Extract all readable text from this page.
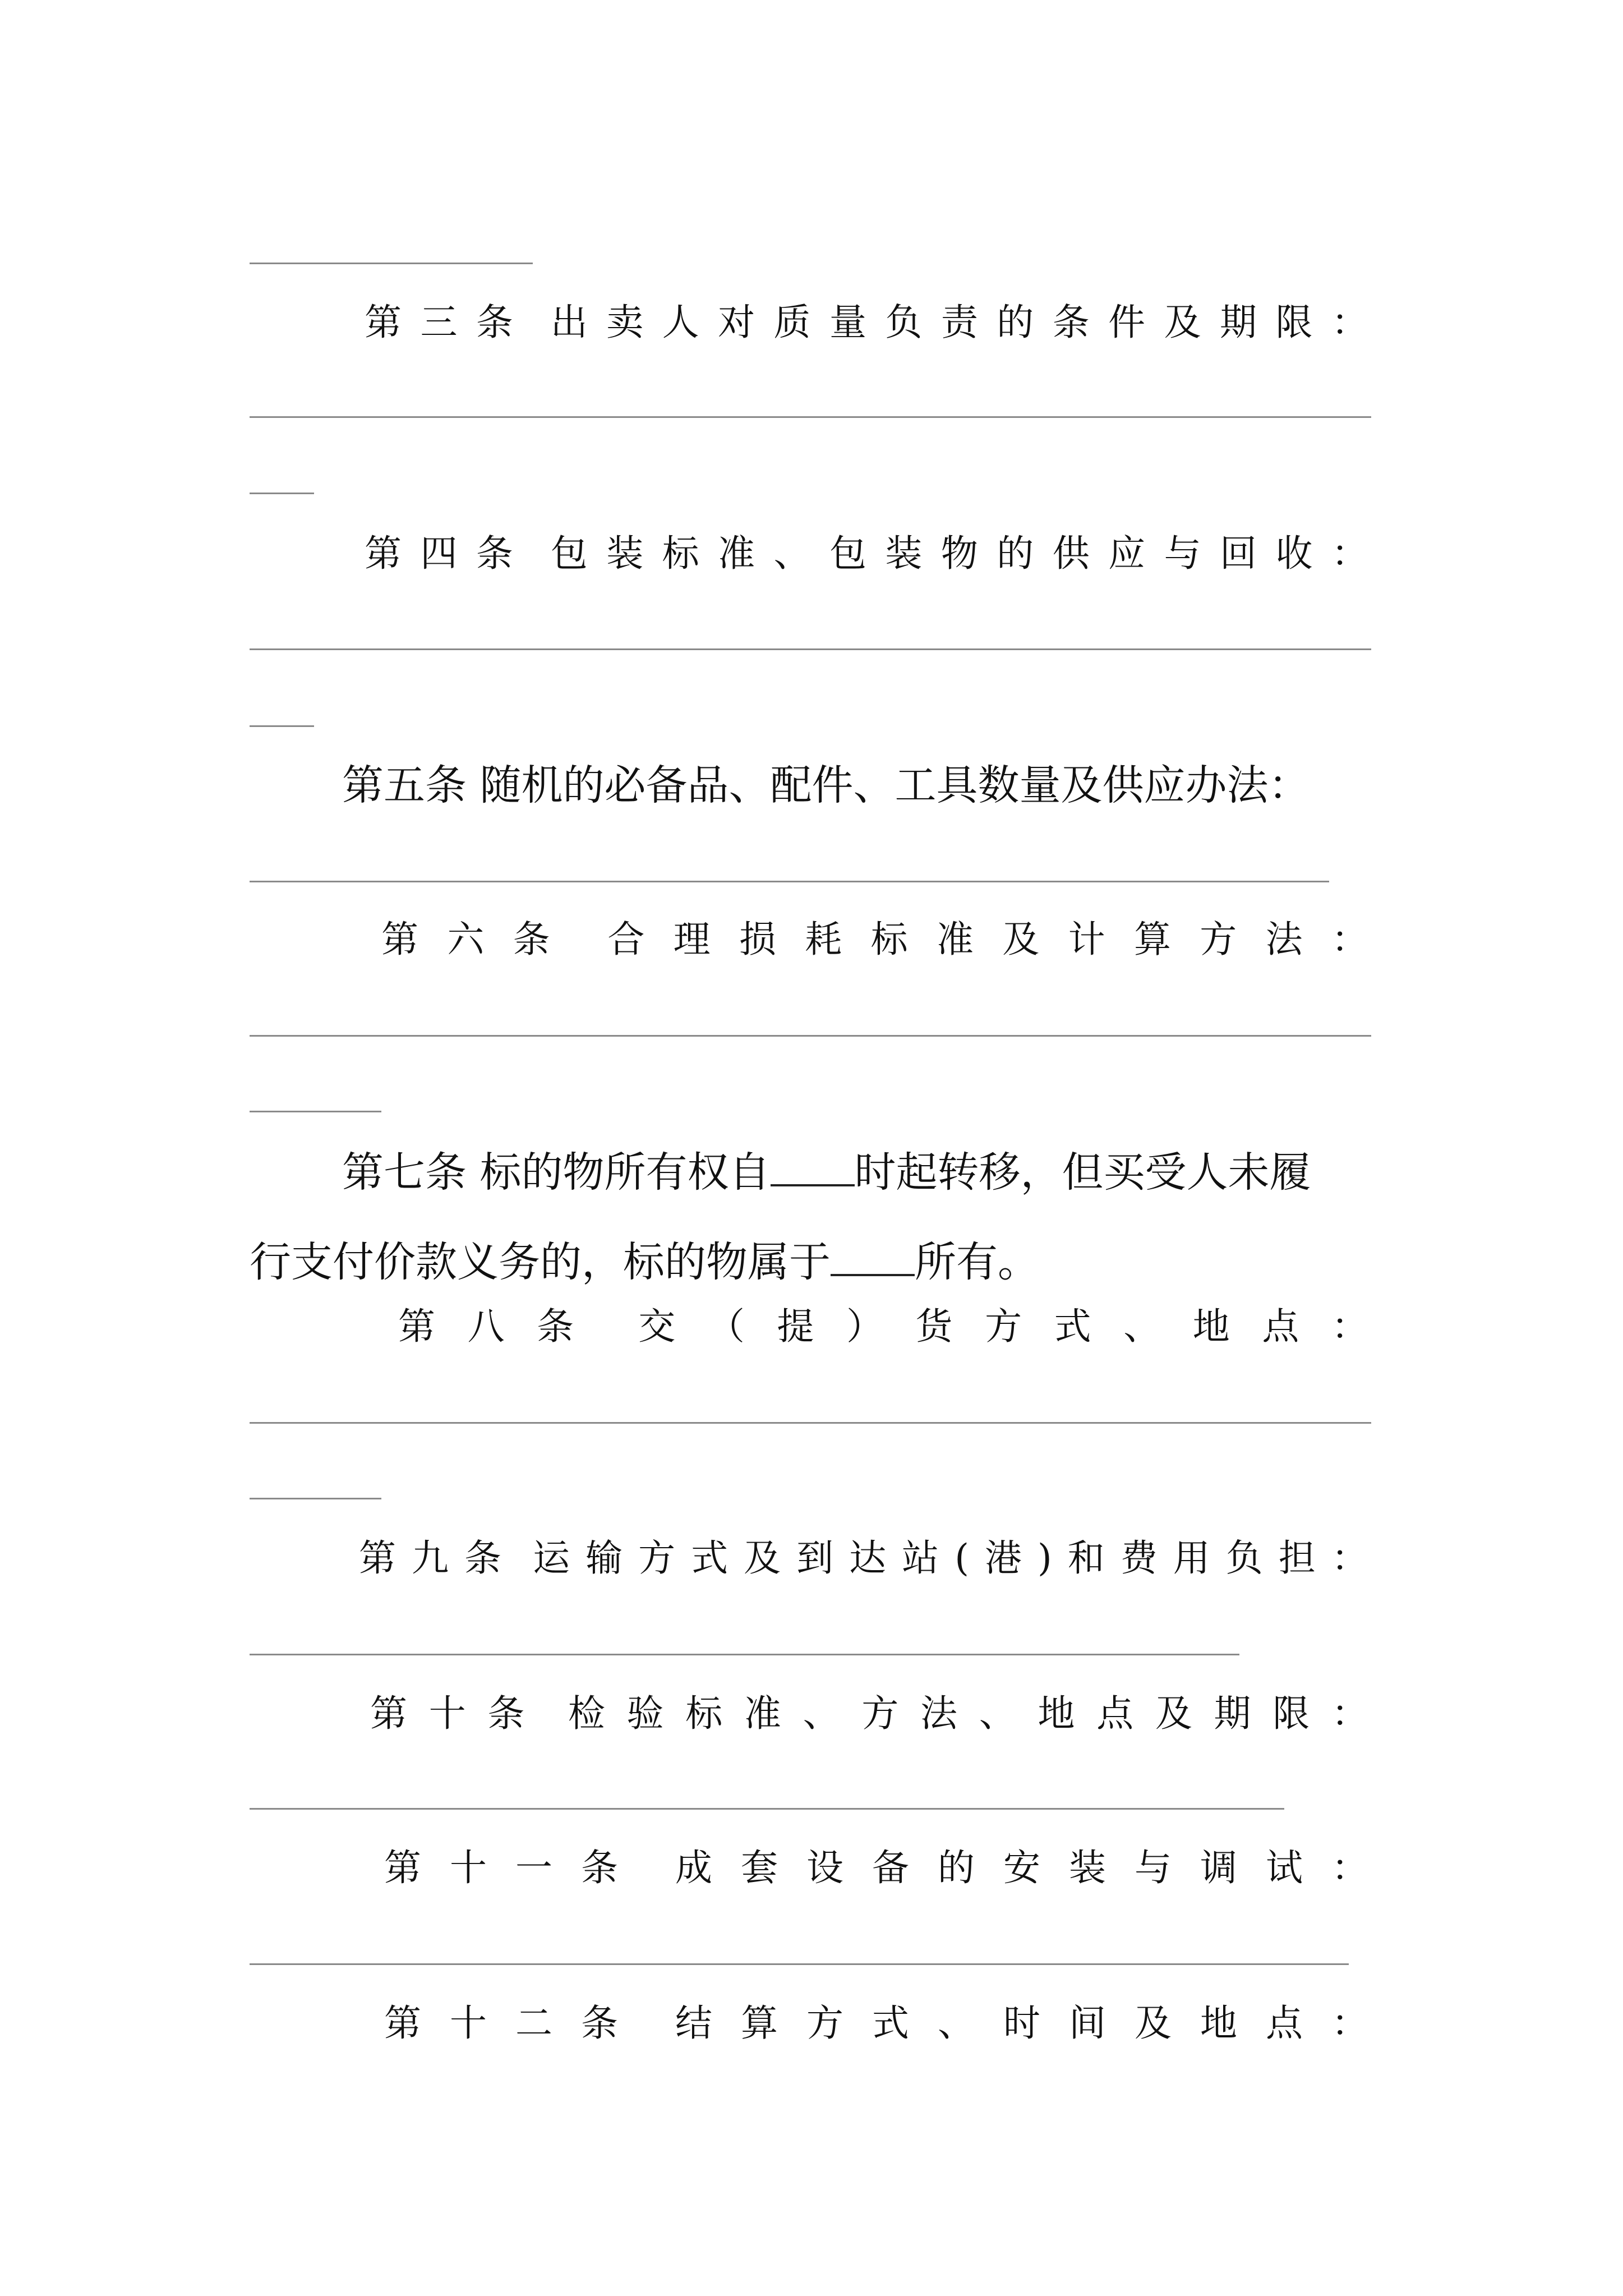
第 三 条 出 卖 人 对 质 量 负 责 的 条 件 及 期 限 ：
第 四 条 包 装 标 准 、 包 装 物 的 供 应 与 回 收 ：
第五条 随机的必备品、配件、工具数量及供应办法：
第 六 条 合 理 损 耗 标 准 及 计 算 方 法 ：
第七条 标的物所有权自 时起转移，但买受人未履
行支付价款义务的，标的物属于 所有。
第 八 条 交 （ 提 ） 货 方 式 、 地 点 ：
第 九 条 运 输 方 式 及 到 达 站 ( 港 ) 和 费 用 负 担 ：
第 十 条 检 验 标 准 、 方 法 、 地 点 及 期 限 ：
第 十 一 条 成 套 设 备 的 安 装 与 调 试 ：
第 十 二 条 结 算 方 式 、 时 间 及 地 点 ：
